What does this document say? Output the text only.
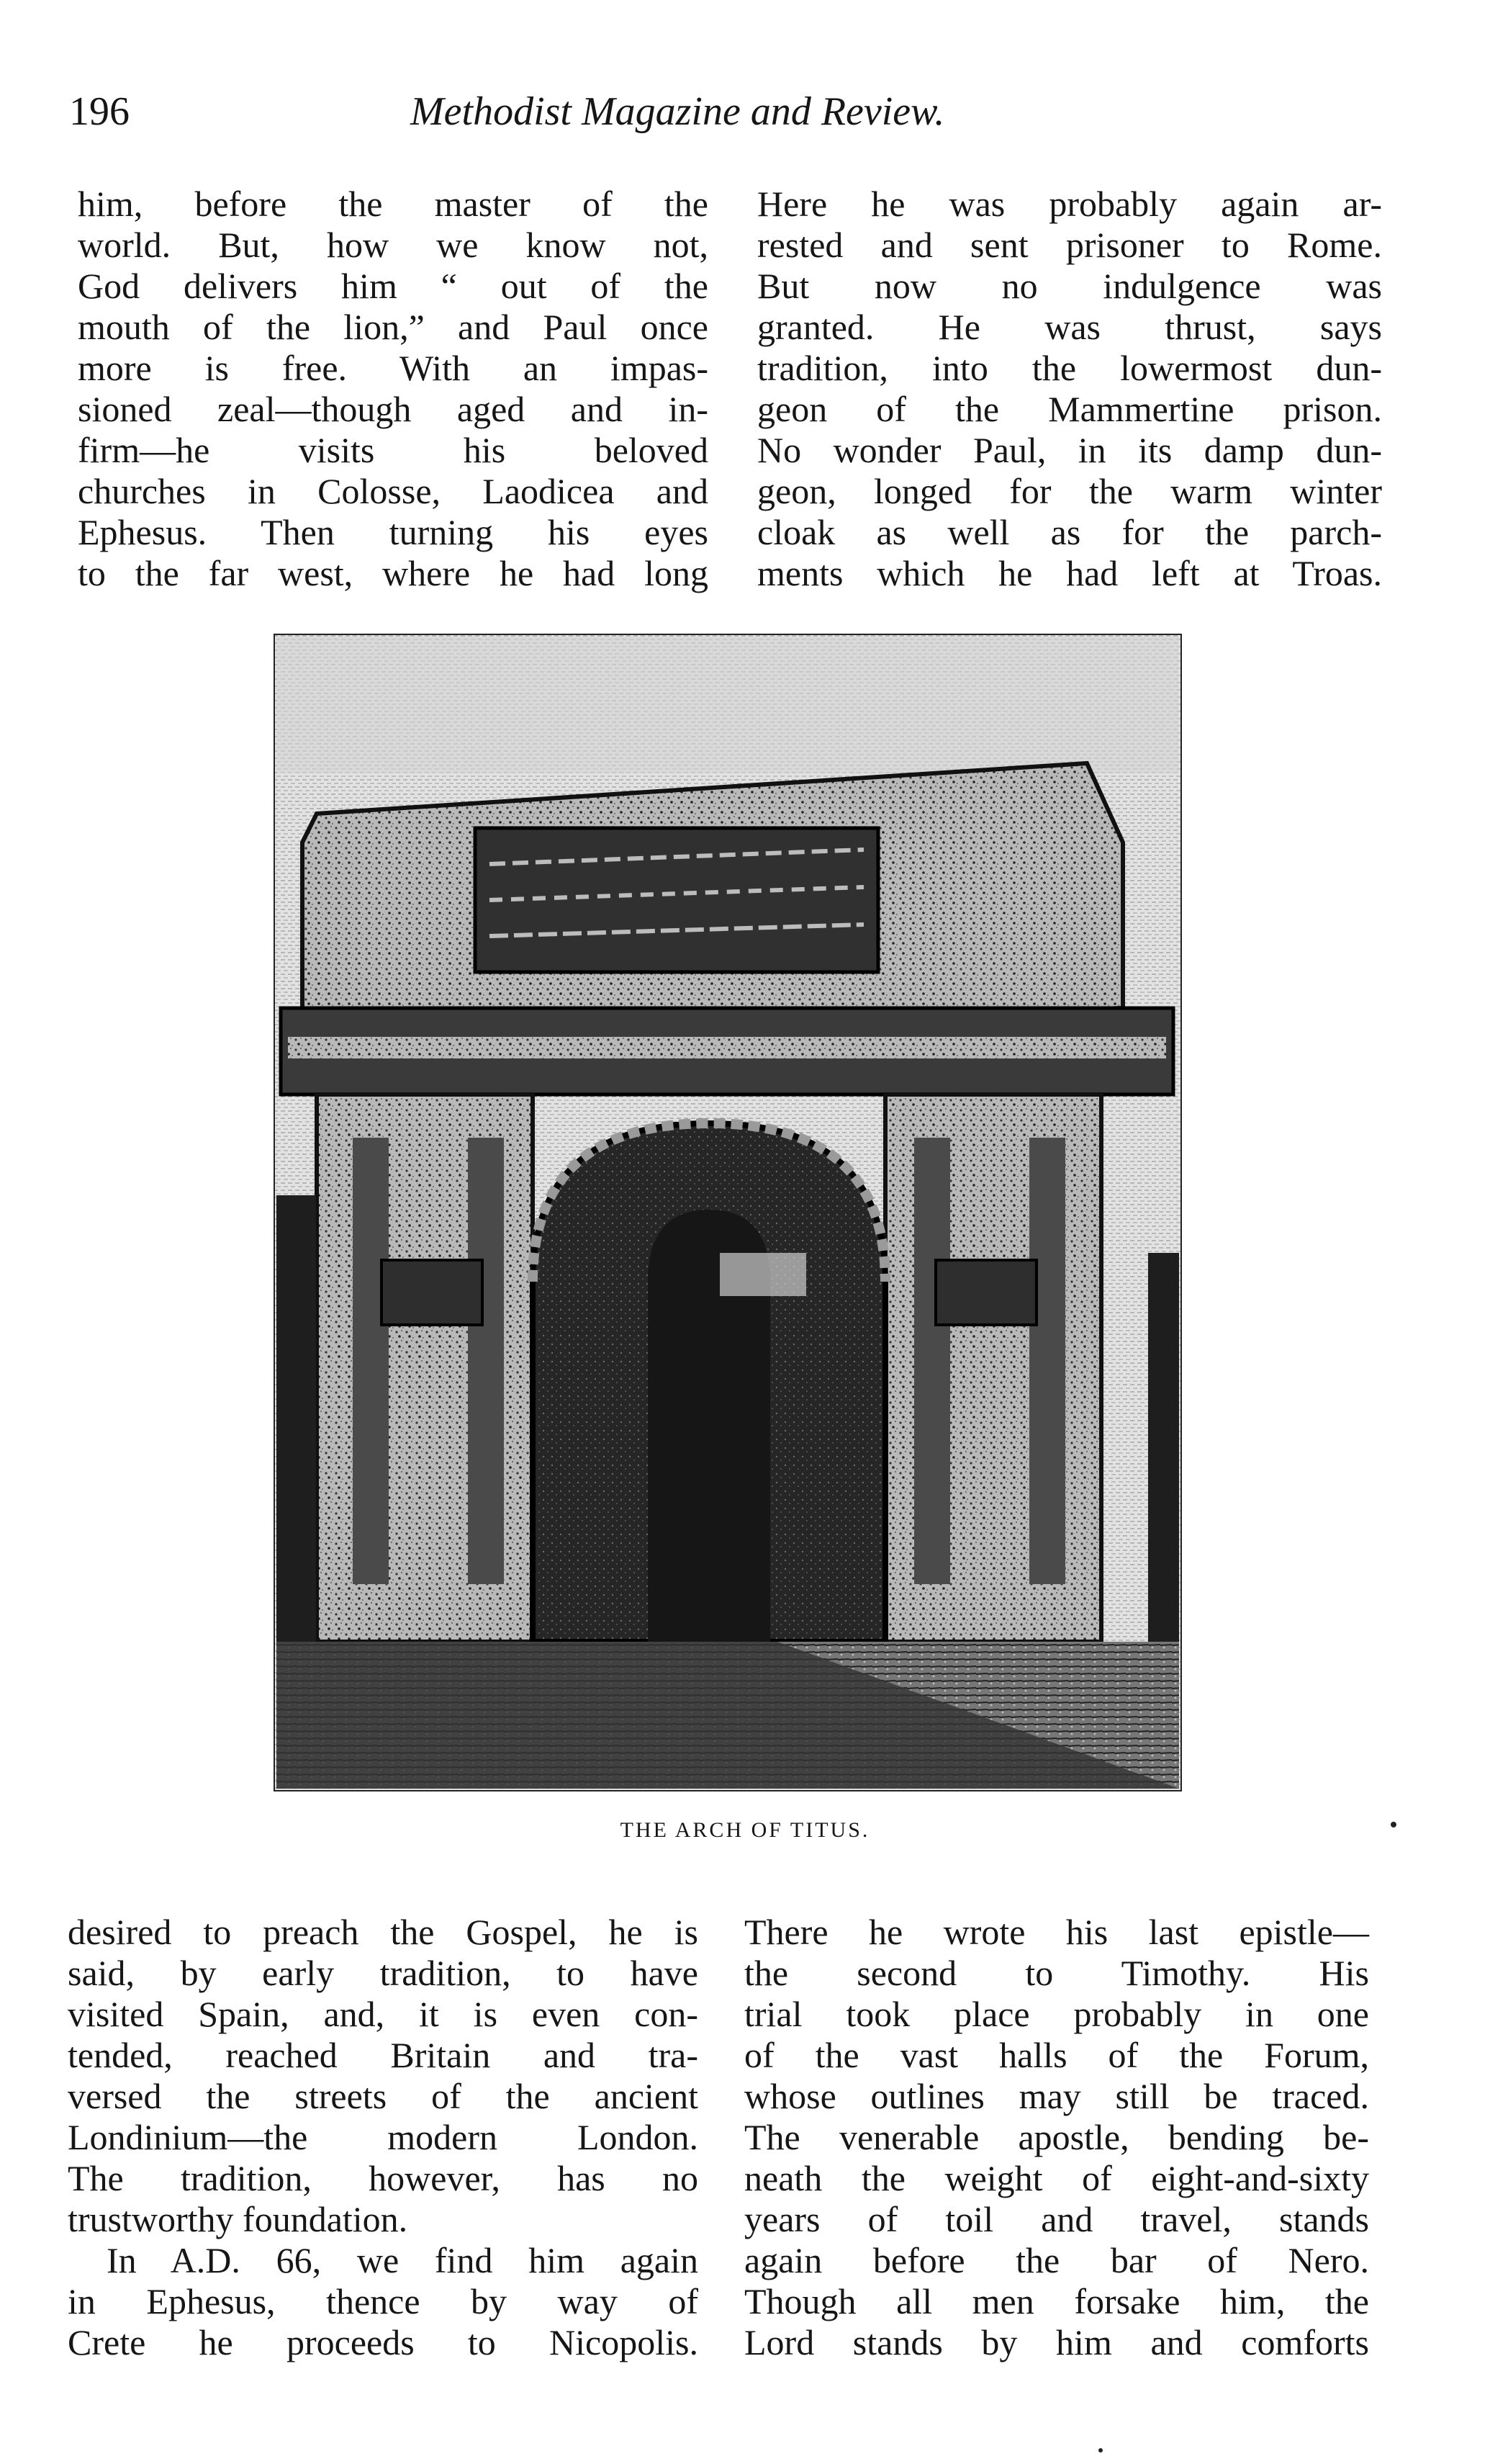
196	Methodist Magazine and Review.

him, before the master of the

world. But, how we know not,

God delivers him “ out of the

mouth of the lion,” and Paul once

more is free. With an impas-

sioned zeal—though aged and in-

firm—he visits his beloved

churches in Colosse, Laodicea and

Ephesus. Then turning his eyes

to the far west, where he had long

Here he was probably again ar-

rested and sent prisoner to Rome.

But now no indulgence was

granted. He was thrust, says

tradition, into the lowermost dun-

geon of the Mammertine prison.

No wonder Paul, in its damp dun-

geon, longed for the warm winter

cloak as well as for the parch-

ments which he had left at Troas.

THE ARCH OF TITUS.

desired to preach the Gospel, he is

said, by early tradition, to have

visited Spain, and, it is even con-

tended, reached Britain and tra-

versed the streets of the ancient

Londinium—the modern London.

The tradition, however, has no

trustworthy foundation.

In A.D. 66, we find him again

in Ephesus, thence by way of

Crete he proceeds to Nicopolis.

There he wrote his last epistle—

the second to Timothy. His

trial took place probably in one

of the vast halls of the Forum,

whose outlines may still be traced.

The venerable apostle, bending be-

neath the weight of eight-and-sixty

years of toil and travel, stands

again before the bar of Nero.

Though all men forsake him, the

Lord stands by him and comforts
